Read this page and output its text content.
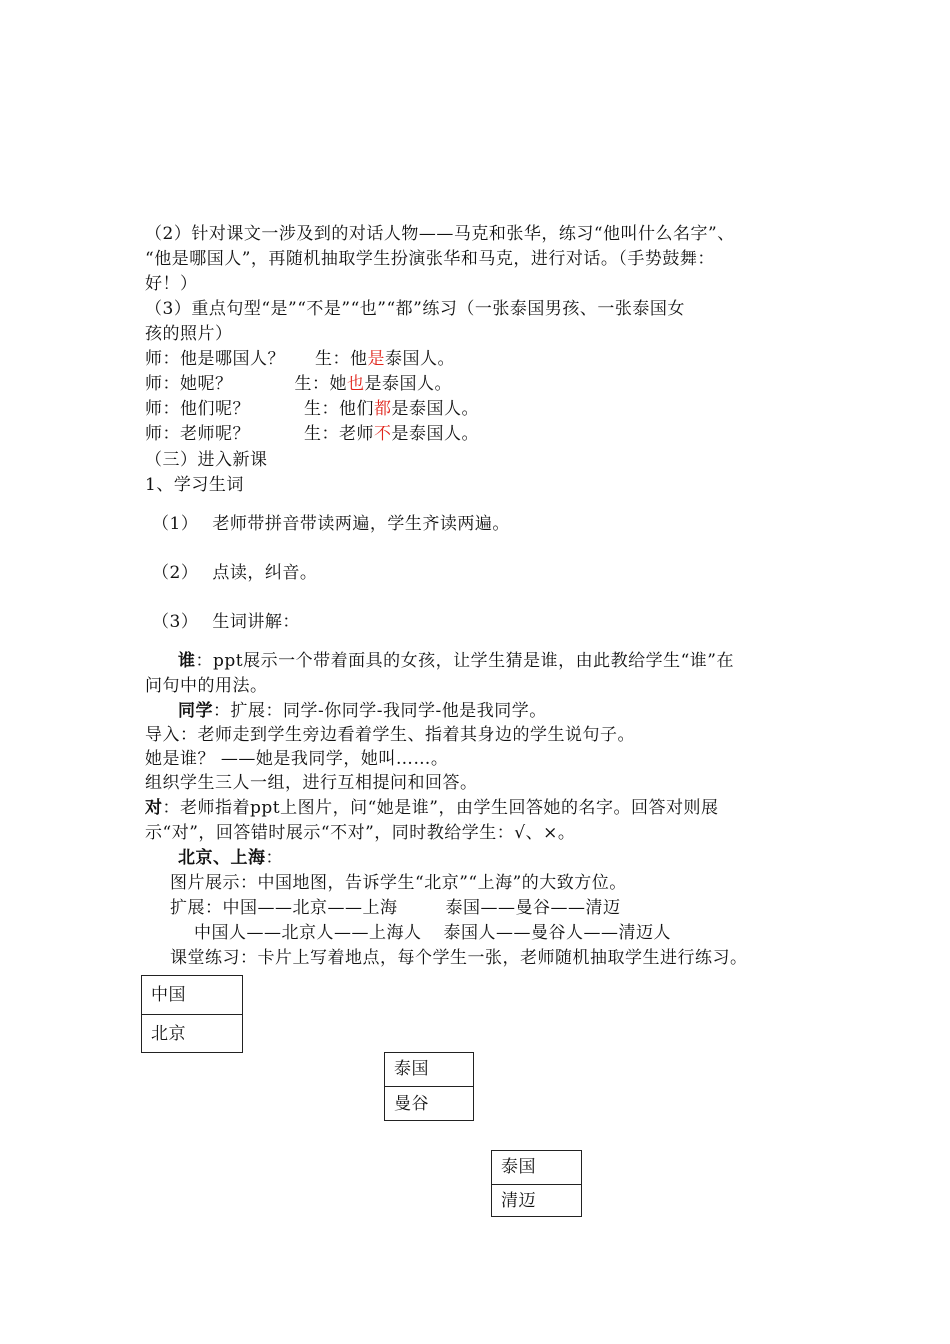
（2）针对课文一涉及到的对话人物——马克和张华，练习“他叫什么名字”、
“他是哪国人”，再随机抽取学生扮演张华和马克，进行对话。（手势鼓舞：
好！）
（3）重点句型“是”“不是”“也”“都”练习（一张泰国男孩、一张泰国女
孩的照片）
师：他是哪国人？ 生：他是泰国人。
师：她呢？	生：她也是泰国人。
师：他们呢？	生：他们都是泰国人。
师：老师呢？	生：老师不是泰国人。
（三）进入新课
1、学习生词
（1） 老师带拼音带读两遍，学生齐读两遍。
（2） 点读，纠音。
（3） 生词讲解：
谁：ppt展示一个带着面具的女孩，让学生猜是谁，由此教给学生“谁”在
问句中的用法。
同学：扩展：同学-你同学-我同学-他是我同学。
导入：老师走到学生旁边看着学生、指着其身边的学生说句子。
她是谁？ ——她是我同学，她叫……。
组织学生三人一组，进行互相提问和回答。
对：老师指着ppt上图片，问“她是谁”，由学生回答她的名字。回答对则展
示“对”，回答错时展示“不对”，同时教给学生：√、×。
北京、上海：
图片展示：中国地图，告诉学生“北京”“上海”的大致方位。
扩展：中国——北京——上海	泰国——曼谷——清迈
中国人——北京人——上海人 泰国人——曼谷人——清迈人
课堂练习：卡片上写着地点，每个学生一张，老师随机抽取学生进行练习。
中国
北京
泰国
曼谷
泰国
清迈
